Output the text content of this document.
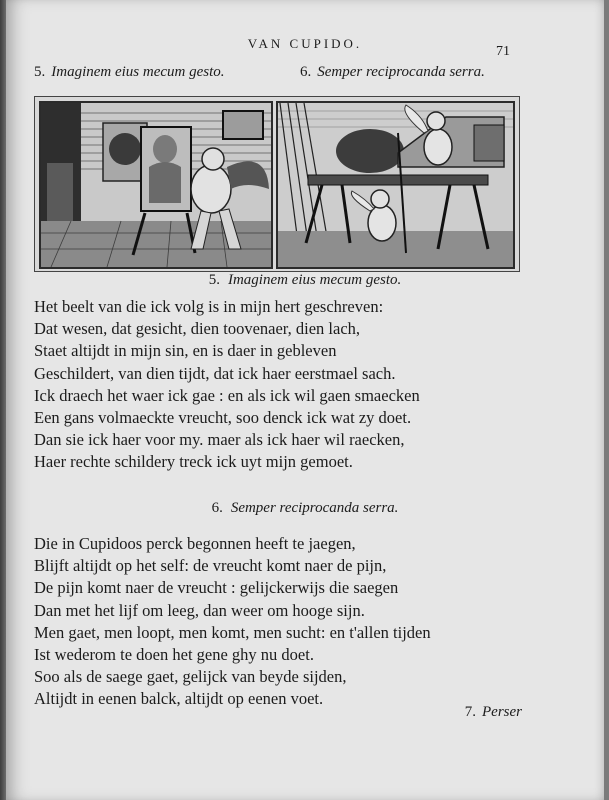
VAN CUPIDO.
71
5. Imaginem eius mecum gesto.	6. Semper reciprocanda serra.
5. Imaginem eius mecum gesto.
Het beelt van die ick volg is in mijn hert geschreven:
Dat wesen, dat gesicht, dien toovenaer, dien lach,
Staet altijdt in mijn sin, en is daer in gebleven
Geschildert, van dien tijdt, dat ick haer eerstmael sach.
Ick draech het waer ick gae : en als ick wil gaen smaecken
Een gans volmaeckte vreucht, soo denck ick wat zy doet.
Dan sie ick haer voor my. maer als ick haer wil raecken,
Haer rechte schildery treck ick uyt mijn gemoet.
6. Semper reciprocanda serra.
Die in Cupidoos perck begonnen heeft te jaegen,
Blijft altijdt op het self: de vreucht komt naer de pijn,
De pijn komt naer de vreucht : gelijckerwijs die saegen
Dan met het lijf om leeg, dan weer om hooge sijn.
Men gaet, men loopt, men komt, men sucht: en t'allen tijden
Ist wederom te doen het gene ghy nu doet.
Soo als de saege gaet, gelijck van beyde sijden,
Altijdt in eenen balck, altijdt op eenen voet.
7. Perser
